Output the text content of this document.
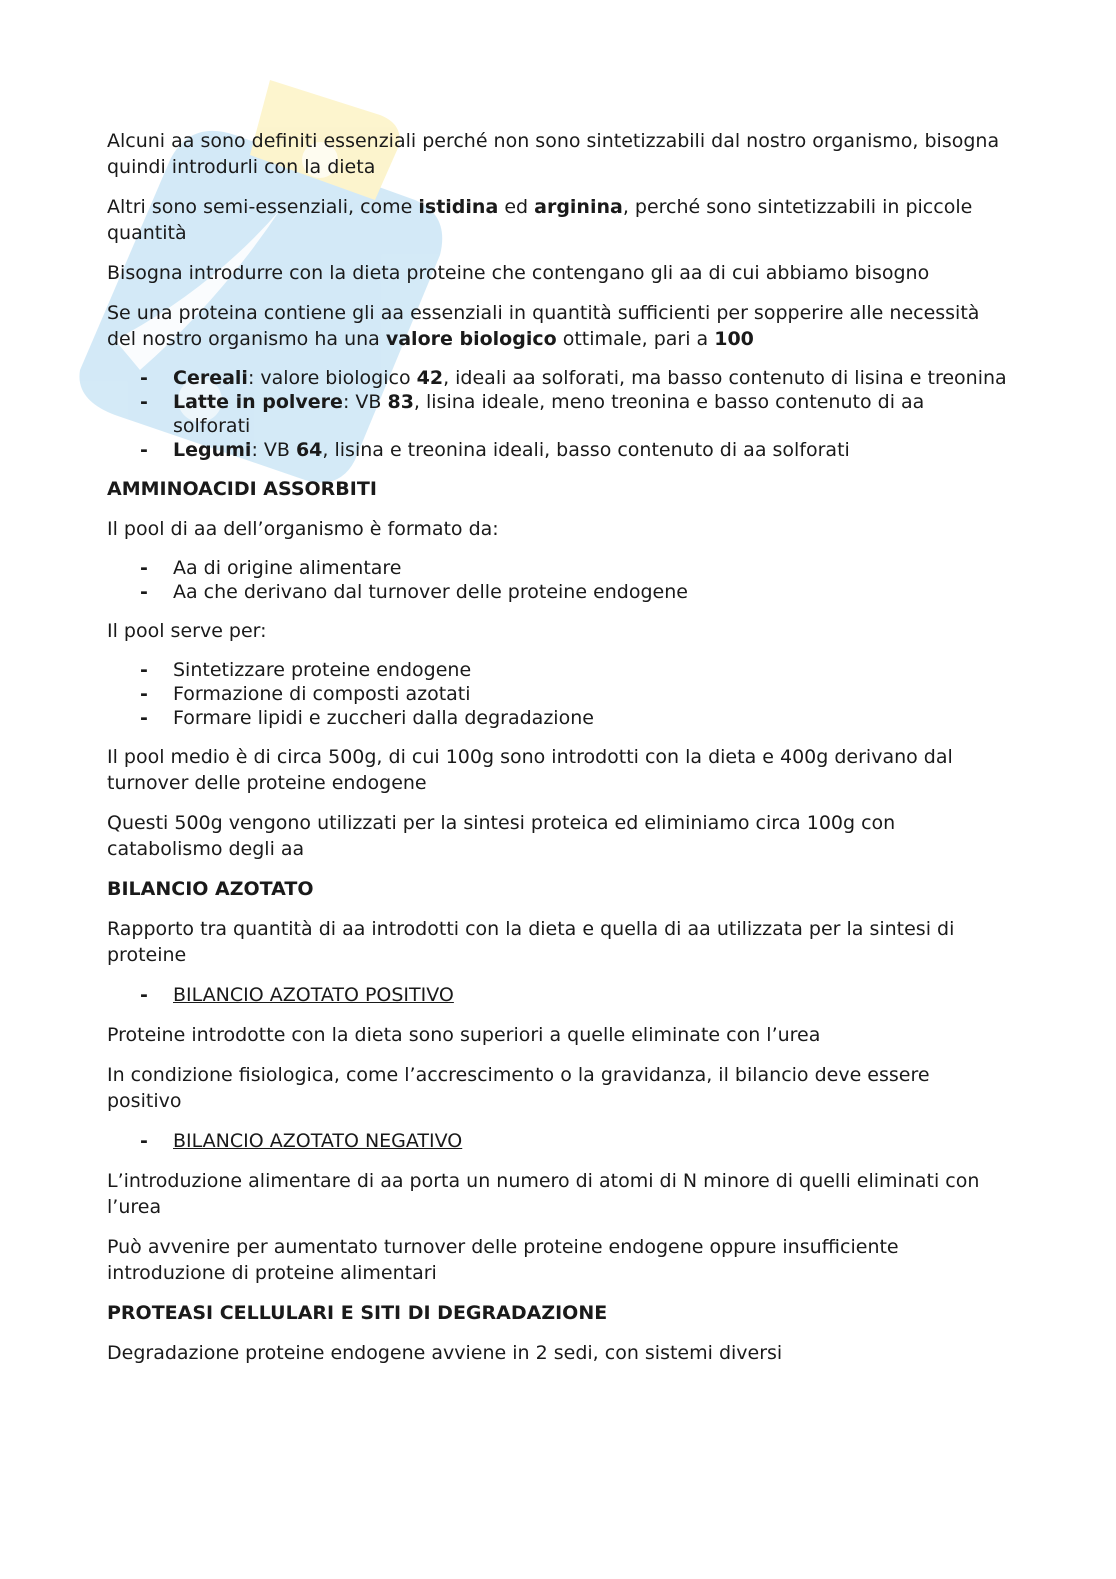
Alcuni aa sono definiti essenziali perché non sono sintetizzabili dal nostro organismo, bisogna quindi introdurli con la dieta

Altri sono semi-essenziali, come istidina ed arginina, perché sono sintetizzabili in piccole quantità

Bisogna introdurre con la dieta proteine che contengano gli aa di cui abbiamo bisogno

Se una proteina contiene gli aa essenziali in quantità sufficienti per sopperire alle necessità del nostro organismo ha una valore biologico ottimale, pari a 100

- Cereali: valore biologico 42, ideali aa solforati, ma basso contenuto di lisina e treonina
- Latte in polvere: VB 83, lisina ideale, meno treonina e basso contenuto di aa solforati
- Legumi: VB 64, lisina e treonina ideali, basso contenuto di aa solforati

AMMINOACIDI ASSORBITI

Il pool di aa dell’organismo è formato da:

- Aa di origine alimentare
- Aa che derivano dal turnover delle proteine endogene

Il pool serve per:

- Sintetizzare proteine endogene
- Formazione di composti azotati
- Formare lipidi e zuccheri dalla degradazione

Il pool medio è di circa 500g, di cui 100g sono introdotti con la dieta e 400g derivano dal turnover delle proteine endogene

Questi 500g vengono utilizzati per la sintesi proteica ed eliminiamo circa 100g con catabolismo degli aa

BILANCIO AZOTATO

Rapporto tra quantità di aa introdotti con la dieta e quella di aa utilizzata per la sintesi di proteine

- BILANCIO AZOTATO POSITIVO

Proteine introdotte con la dieta sono superiori a quelle eliminate con l’urea

In condizione fisiologica, come l’accrescimento o la gravidanza, il bilancio deve essere positivo

- BILANCIO AZOTATO NEGATIVO

L’introduzione alimentare di aa porta un numero di atomi di N minore di quelli eliminati con l’urea

Può avvenire per aumentato turnover delle proteine endogene oppure insufficiente introduzione di proteine alimentari

PROTEASI CELLULARI E SITI DI DEGRADAZIONE

Degradazione proteine endogene avviene in 2 sedi, con sistemi diversi
